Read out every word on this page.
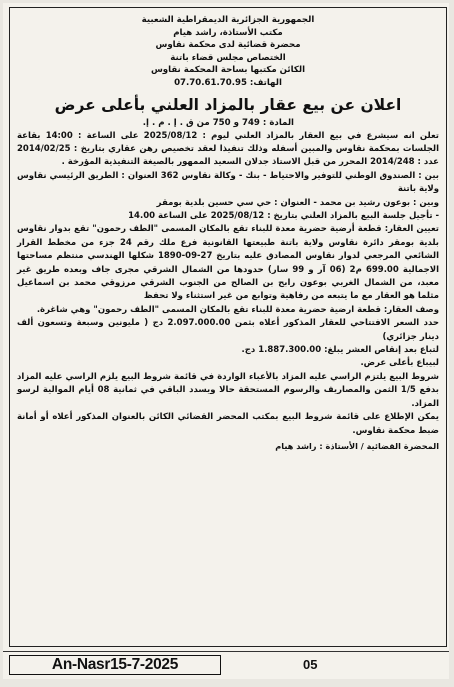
الجمهورية الجزائرية الديمقراطية الشعبية
مكتب الأستاذة، راشد هيام
محضرة قضائية لدى محكمة نقاوس
الختصاص مجلس قضاء باتنة
الكائن مكتبها بساحة المحكمة نقاوس
الهاتف: 07.70.61.70.95
اعلان عن بيع عقار بالمزاد العلني بأعلى عرض
المادة : 749 و 750 من ق . إ . م . إ.

تعلن انه سيشرع في بيع العقار بالمزاد العلني ليوم : 2025/08/12 على الساعة : 14:00 بقاعة الجلسات بمحكمة نقاوس والمبين أسفله وذلك تنفيذا لعقد تخصيص رهن عقاري بتاريخ : 2014/02/25 عدد : 2014/248 المحرر من قبل الاستاذ جدلان السعيد الممهور بالصيغة التنفيذية المؤرخة .

بين : الصندوق الوطني للتوفير والاحتياط - بنك - وكالة نقاوس 362 العنوان : الطريق الرئيسي نقاوس ولاية باتنة

وبين : بوعون رشيد بن محمد - العنوان : حي سي حسين بلدية بومقر

- تأجيل جلسة البيع بالمزاد العلني بتاريخ : 2025/08/12 على الساعة 14.00

تعيين العقار: قطعة أرضية حضرية معدة للبناء تقع بالمكان المسمى "الطف رحمون" تقع بدوار نقاوس بلدية بومقر دائرة نقاوس ولاية باتنة طبيعتها القانونية فرع ملك رقم 24 جزء من مخطط القرار الشائعي المرجعي لدوار نقاوس المصادق عليه بتاريخ 27-09-1890 شكلها الهندسي منتظم مساحتها الاجمالية 699.00 م2 (06 آر و 99 سار) حدودها من الشمال الشرقي مجرى جاف وبعده طريق غير معبد، من الشمال الغربي بوعون رابح بن الصالح من الجنوب الشرقي مرزوقي محمد بن اسماعيل مثلما هو العقار مع ما يتبعه من رفاهية وتوابع من غير استثناء ولا تحفظ

وصف العقار: قطعة ارضية حضرية معدة للبناء تقع بالمكان المسمى "الطف رحمون" وهي شاغرة.

حدد السعر الافتتاحي للعقار المذكور أعلاه بثمن 2.097.000.00 دج ( مليونين وسبعة وتسعون ألف دينار جزائري)

لتباع بعد إنقاص العشر يبلغ: 1.887.300.00 دج.

لبيباع بأعلى عرض.

شروط البيع يلتزم الراسي عليه المزاد بالأعباء الواردة في قائمة شروط البيع يلزم الراسي عليه المزاد بدفع 1/5 الثمن والمصاريف والرسوم المستحقة حالا ويسدد الباقي في ثمانية 08 أيام الموالية لرسو المزاد.

يمكن الإطلاع على قائمة شروط البيع بمكتب المحضر القضائي الكائن بالعنوان المذكور أعلاه أو أمانة ضبط محكمة نقاوس.

المحضرة القضائية / الأستاذة : راشد هيام
An-Nasr15-7-2025	05
